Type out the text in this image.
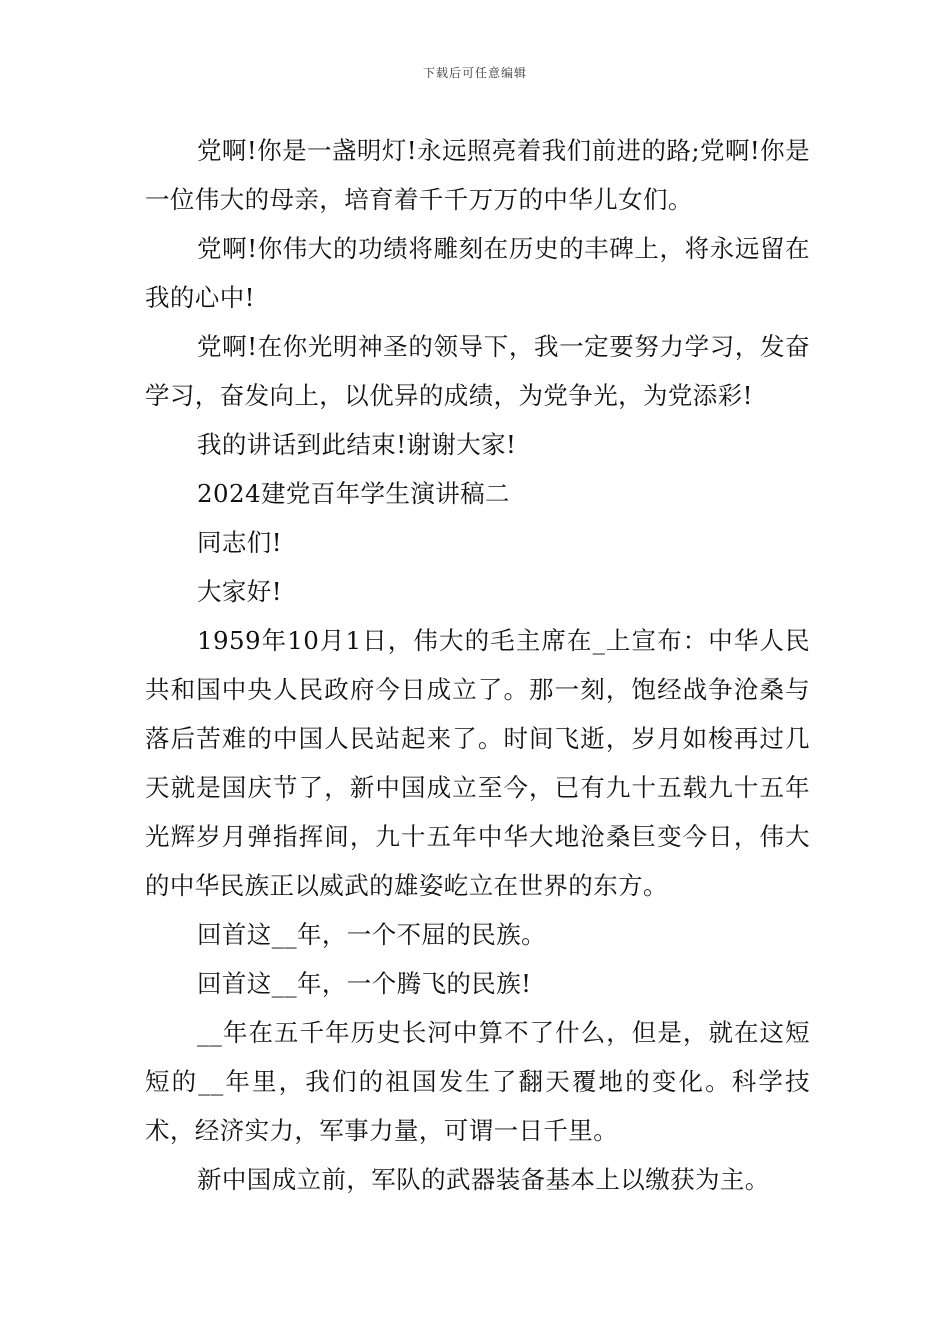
下载后可任意编辑

党啊!你是一盏明灯!永远照亮着我们前进的路;党啊!你是一位伟大的母亲，培育着千千万万的中华儿女们。

党啊!你伟大的功绩将雕刻在历史的丰碑上，将永远留在我的心中!

党啊!在你光明神圣的领导下，我一定要努力学习，发奋学习，奋发向上，以优异的成绩，为党争光，为党添彩!

我的讲话到此结束!谢谢大家!

2024建党百年学生演讲稿二

同志们!

大家好!

1959年10月1日，伟大的毛主席在_上宣布：中华人民共和国中央人民政府今日成立了。那一刻，饱经战争沧桑与落后苦难的中国人民站起来了。时间飞逝，岁月如梭再过几天就是国庆节了，新中国成立至今，已有九十五载九十五年光辉岁月弹指挥间，九十五年中华大地沧桑巨变今日，伟大的中华民族正以威武的雄姿屹立在世界的东方。

回首这__年，一个不屈的民族。

回首这__年，一个腾飞的民族!

__年在五千年历史长河中算不了什么，但是，就在这短短的__年里，我们的祖国发生了翻天覆地的变化。科学技术，经济实力，军事力量，可谓一日千里。

新中国成立前，军队的武器装备基本上以缴获为主。
